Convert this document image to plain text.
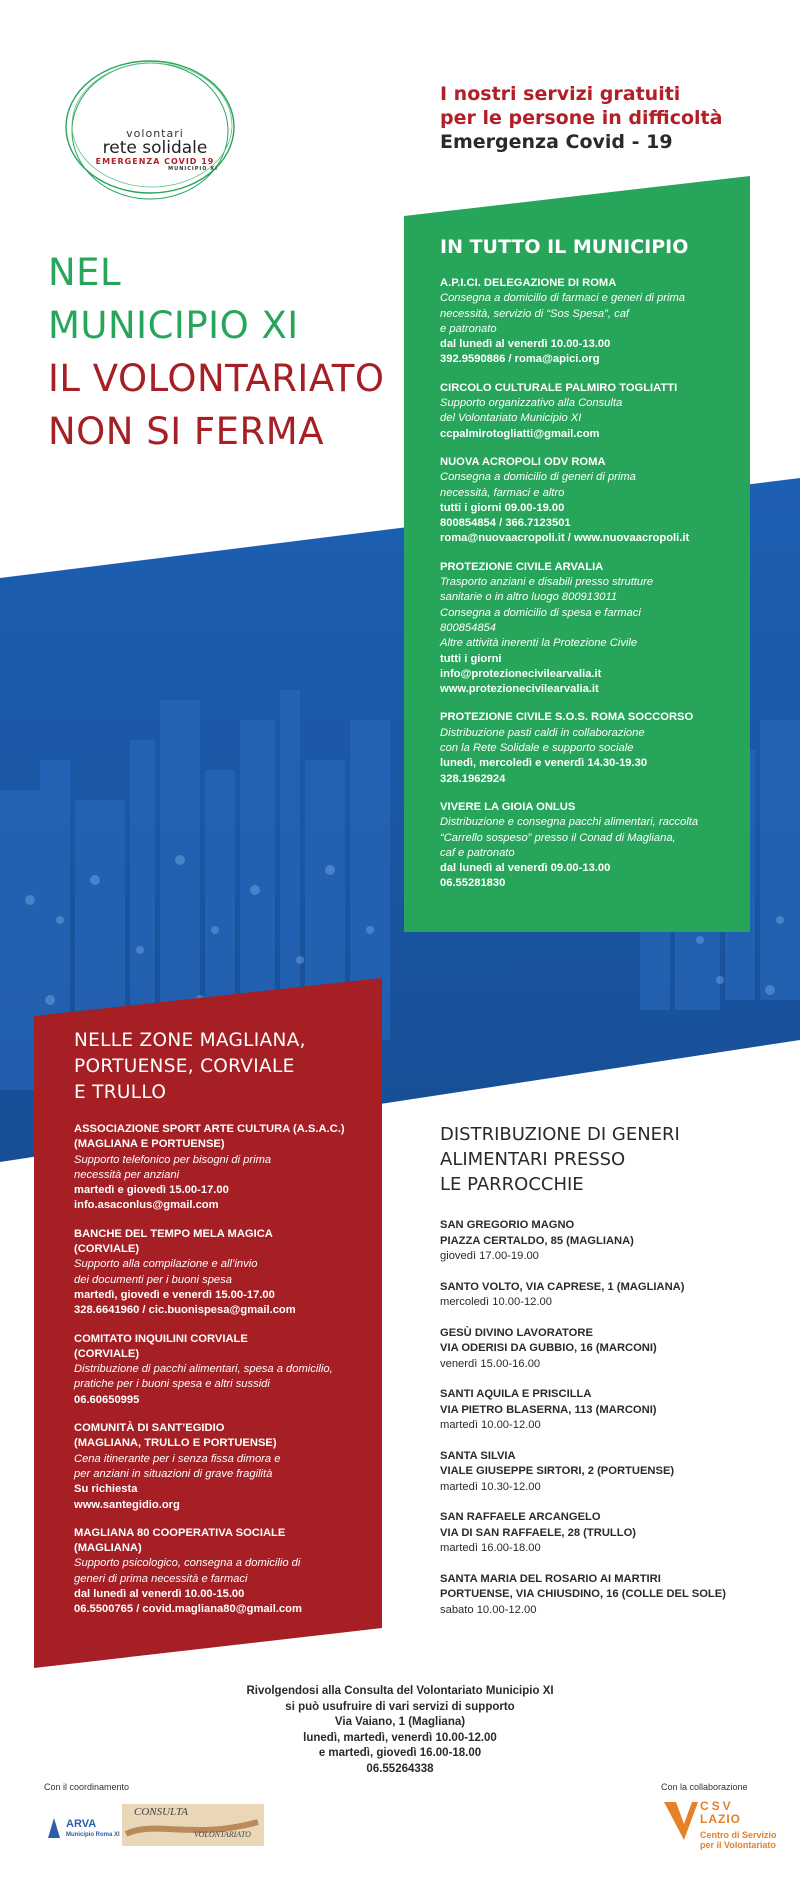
volontari
rete solidale
EMERGENZA COVID 19
MUNICIPIO XI
I nostri servizi gratuiti
per le persone in difficoltà
Emergenza Covid - 19
NEL
MUNICIPIO XI
IL VOLONTARIATO
NON SI FERMA
IN TUTTO IL MUNICIPIO
A.P.I.CI. DELEGAZIONE DI ROMA
Consegna a domicilio di farmaci e generi di prima
necessità, servizio di “Sos Spesa”, caf
e patronato
dal lunedì al venerdì 10.00-13.00
392.9590886 / roma@apici.org
CIRCOLO CULTURALE PALMIRO TOGLIATTI
Supporto organizzativo alla Consulta
del Volontariato Municipio XI
ccpalmirotogliatti@gmail.com
NUOVA ACROPOLI ODV ROMA
Consegna a domicilio di generi di prima
necessità, farmaci e altro
tutti i giorni 09.00-19.00
800854854 / 366.7123501
roma@nuovaacropoli.it / www.nuovaacropoli.it
PROTEZIONE CIVILE ARVALIA
Trasporto anziani e disabili presso strutture
sanitarie o in altro luogo 800913011
Consegna a domicilio di spesa e farmaci
800854854
Altre attività inerenti la Protezione Civile
tutti i giorni
info@protezionecivilearvalia.it
www.protezionecivilearvalia.it
PROTEZIONE CIVILE S.O.S. ROMA SOCCORSO
Distribuzione pasti caldi in collaborazione
con la Rete Solidale e supporto sociale
lunedì, mercoledì e venerdì 14.30-19.30
328.1962924
VIVERE LA GIOIA ONLUS
Distribuzione e consegna pacchi alimentari, raccolta
“Carrello sospeso” presso il Conad di Magliana,
caf e patronato
dal lunedì al venerdì 09.00-13.00
06.55281830
NELLE ZONE MAGLIANA,
PORTUENSE, CORVIALE
E TRULLO
ASSOCIAZIONE SPORT ARTE CULTURA (A.S.A.C.)
(MAGLIANA E PORTUENSE)
Supporto telefonico per bisogni di prima
necessità per anziani
martedì e giovedì 15.00-17.00
info.asaconlus@gmail.com
BANCHE DEL TEMPO MELA MAGICA
(CORVIALE)
Supporto alla compilazione e all’invio
dei documenti per i buoni spesa
martedì, giovedì e venerdì 15.00-17.00
328.6641960 / cic.buonispesa@gmail.com
COMITATO INQUILINI CORVIALE
(CORVIALE)
Distribuzione di pacchi alimentari, spesa a domicilio,
pratiche per i buoni spesa e altri sussidi
06.60650995
COMUNITÀ DI SANT’EGIDIO
(MAGLIANA, TRULLO E PORTUENSE)
Cena itinerante per i senza fissa dimora e
per anziani in situazioni di grave fragilità
Su richiesta
www.santegidio.org
MAGLIANA 80 COOPERATIVA SOCIALE
(MAGLIANA)
Supporto psicologico, consegna a domicilio di
generi di prima necessità e farmaci
dal lunedì al venerdì 10.00-15.00
06.5500765 / covid.magliana80@gmail.com
DISTRIBUZIONE DI GENERI
ALIMENTARI PRESSO
LE PARROCCHIE
SAN GREGORIO MAGNO
PIAZZA CERTALDO, 85 (MAGLIANA)
giovedì 17.00-19.00
SANTO VOLTO, VIA CAPRESE, 1 (MAGLIANA)
mercoledì 10.00-12.00
GESÙ DIVINO LAVORATORE
VIA ODERISI DA GUBBIO, 16 (MARCONI)
venerdì 15.00-16.00
SANTI AQUILA E PRISCILLA
VIA PIETRO BLASERNA, 113 (MARCONI)
martedì 10.00-12.00
SANTA SILVIA
VIALE GIUSEPPE SIRTORI, 2 (PORTUENSE)
martedì 10.30-12.00
SAN RAFFAELE ARCANGELO
VIA DI SAN RAFFAELE, 28 (TRULLO)
martedì 16.00-18.00
SANTA MARIA DEL ROSARIO AI MARTIRI
PORTUENSE, VIA CHIUSDINO, 16 (COLLE DEL SOLE)
sabato 10.00-12.00
Rivolgendosi alla Consulta del Volontariato Municipio XI
si può usufruire di vari servizi di supporto
Via Vaiano, 1 (Magliana)
lunedì, martedì, venerdì 10.00-12.00
e martedì, giovedì 16.00-18.00
06.55264338
Con il coordinamento	Con la collaborazione
ARVA
Municipio Roma XI
CONSULTA
VOLONTARIATO
CSV
LAZIO
Centro di Servizio
per il Volontariato
